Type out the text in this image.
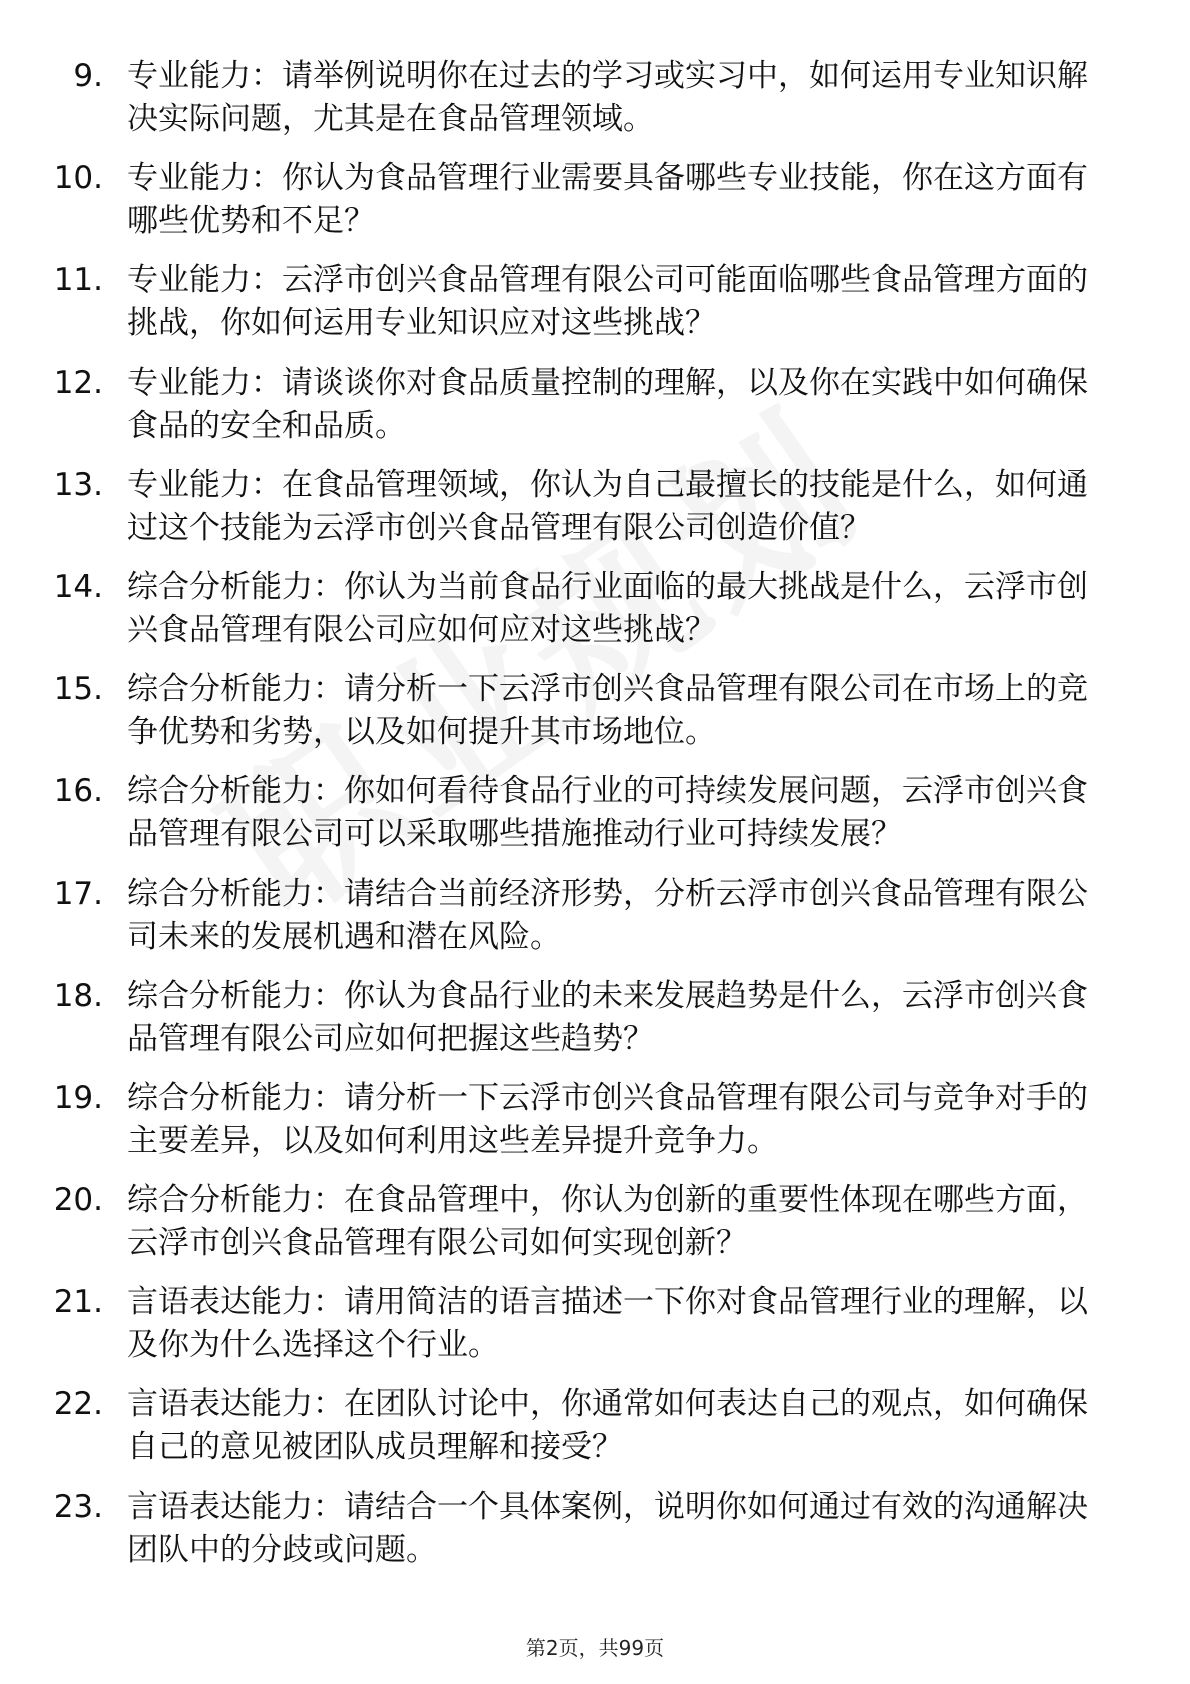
9. 专业能力：请举例说明你在过去的学习或实习中，如何运用专业知识解决实际问题，尤其是在食品管理领域。
10. 专业能力：你认为食品管理行业需要具备哪些专业技能，你在这方面有哪些优势和不足？
11. 专业能力：云浮市创兴食品管理有限公司可能面临哪些食品管理方面的挑战，你如何运用专业知识应对这些挑战？
12. 专业能力：请谈谈你对食品质量控制的理解，以及你在实践中如何确保食品的安全和品质。
13. 专业能力：在食品管理领域，你认为自己最擅长的技能是什么，如何通过这个技能为云浮市创兴食品管理有限公司创造价值？
14. 综合分析能力：你认为当前食品行业面临的最大挑战是什么，云浮市创兴食品管理有限公司应如何应对这些挑战？
15. 综合分析能力：请分析一下云浮市创兴食品管理有限公司在市场上的竞争优势和劣势，以及如何提升其市场地位。
16. 综合分析能力：你如何看待食品行业的可持续发展问题，云浮市创兴食品管理有限公司可以采取哪些措施推动行业可持续发展？
17. 综合分析能力：请结合当前经济形势，分析云浮市创兴食品管理有限公司未来的发展机遇和潜在风险。
18. 综合分析能力：你认为食品行业的未来发展趋势是什么，云浮市创兴食品管理有限公司应如何把握这些趋势？
19. 综合分析能力：请分析一下云浮市创兴食品管理有限公司与竞争对手的主要差异，以及如何利用这些差异提升竞争力。
20. 综合分析能力：在食品管理中，你认为创新的重要性体现在哪些方面，云浮市创兴食品管理有限公司如何实现创新？
21. 言语表达能力：请用简洁的语言描述一下你对食品管理行业的理解，以及你为什么选择这个行业。
22. 言语表达能力：在团队讨论中，你通常如何表达自己的观点，如何确保自己的意见被团队成员理解和接受？
23. 言语表达能力：请结合一个具体案例，说明你如何通过有效的沟通解决团队中的分歧或问题。
第2页，共99页
